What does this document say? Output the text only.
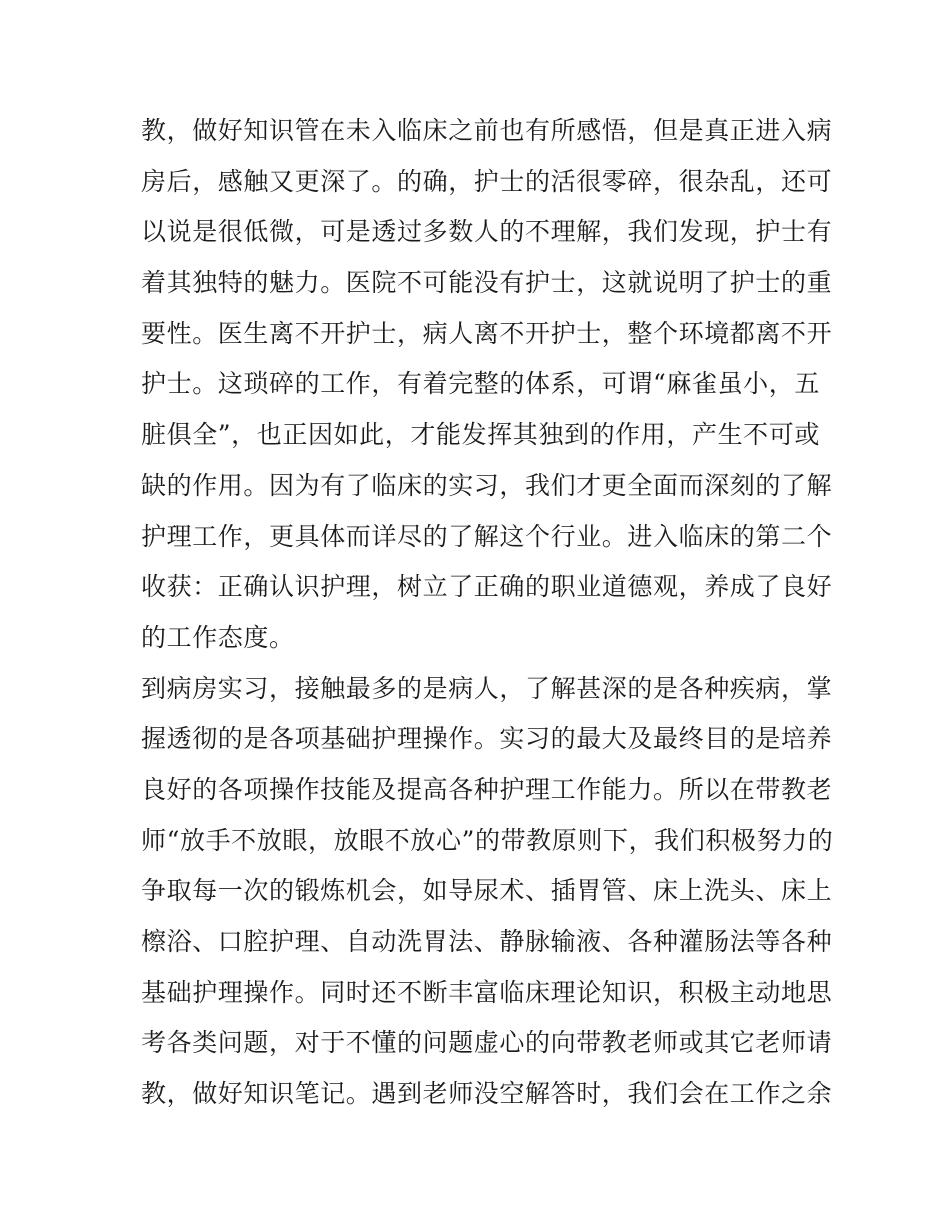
教，做好知识管在未入临床之前也有所感悟，但是真正进入病
房后，感触又更深了。的确，护士的活很零碎，很杂乱，还可
以说是很低微，可是透过多数人的不理解，我们发现，护士有
着其独特的魅力。医院不可能没有护士，这就说明了护士的重
要性。医生离不开护士，病人离不开护士，整个环境都离不开
护士。这琐碎的工作，有着完整的体系，可谓“麻雀虽小，五
脏俱全”，也正因如此，才能发挥其独到的作用，产生不可或
缺的作用。因为有了临床的实习，我们才更全面而深刻的了解
护理工作，更具体而详尽的了解这个行业。进入临床的第二个
收获：正确认识护理，树立了正确的职业道德观，养成了良好
的工作态度。
到病房实习，接触最多的是病人，了解甚深的是各种疾病，掌
握透彻的是各项基础护理操作。实习的最大及最终目的是培养
良好的各项操作技能及提高各种护理工作能力。所以在带教老
师“放手不放眼，放眼不放心”的带教原则下，我们积极努力的
争取每一次的锻炼机会，如导尿术、插胃管、床上洗头、床上
檫浴、口腔护理、自动洗胃法、静脉输液、各种灌肠法等各种
基础护理操作。同时还不断丰富临床理论知识，积极主动地思
考各类问题，对于不懂的问题虚心的向带教老师或其它老师请
教，做好知识笔记。遇到老师没空解答时，我们会在工作之余
